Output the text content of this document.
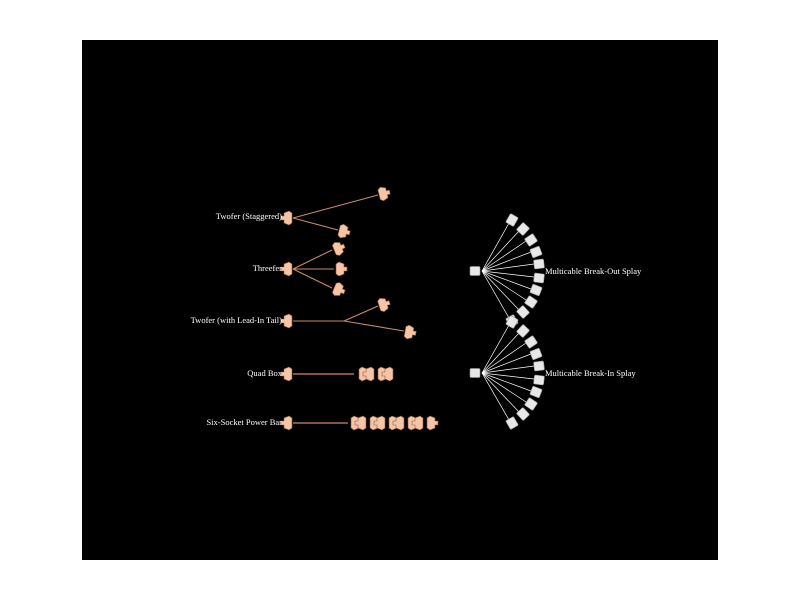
Twofer (Staggered)
Threefer
Twofer (with Lead-In Tail)
Quad Box
Six-Socket Power Bar
Multicable Break-Out Splay
Multicable Break-In Splay
